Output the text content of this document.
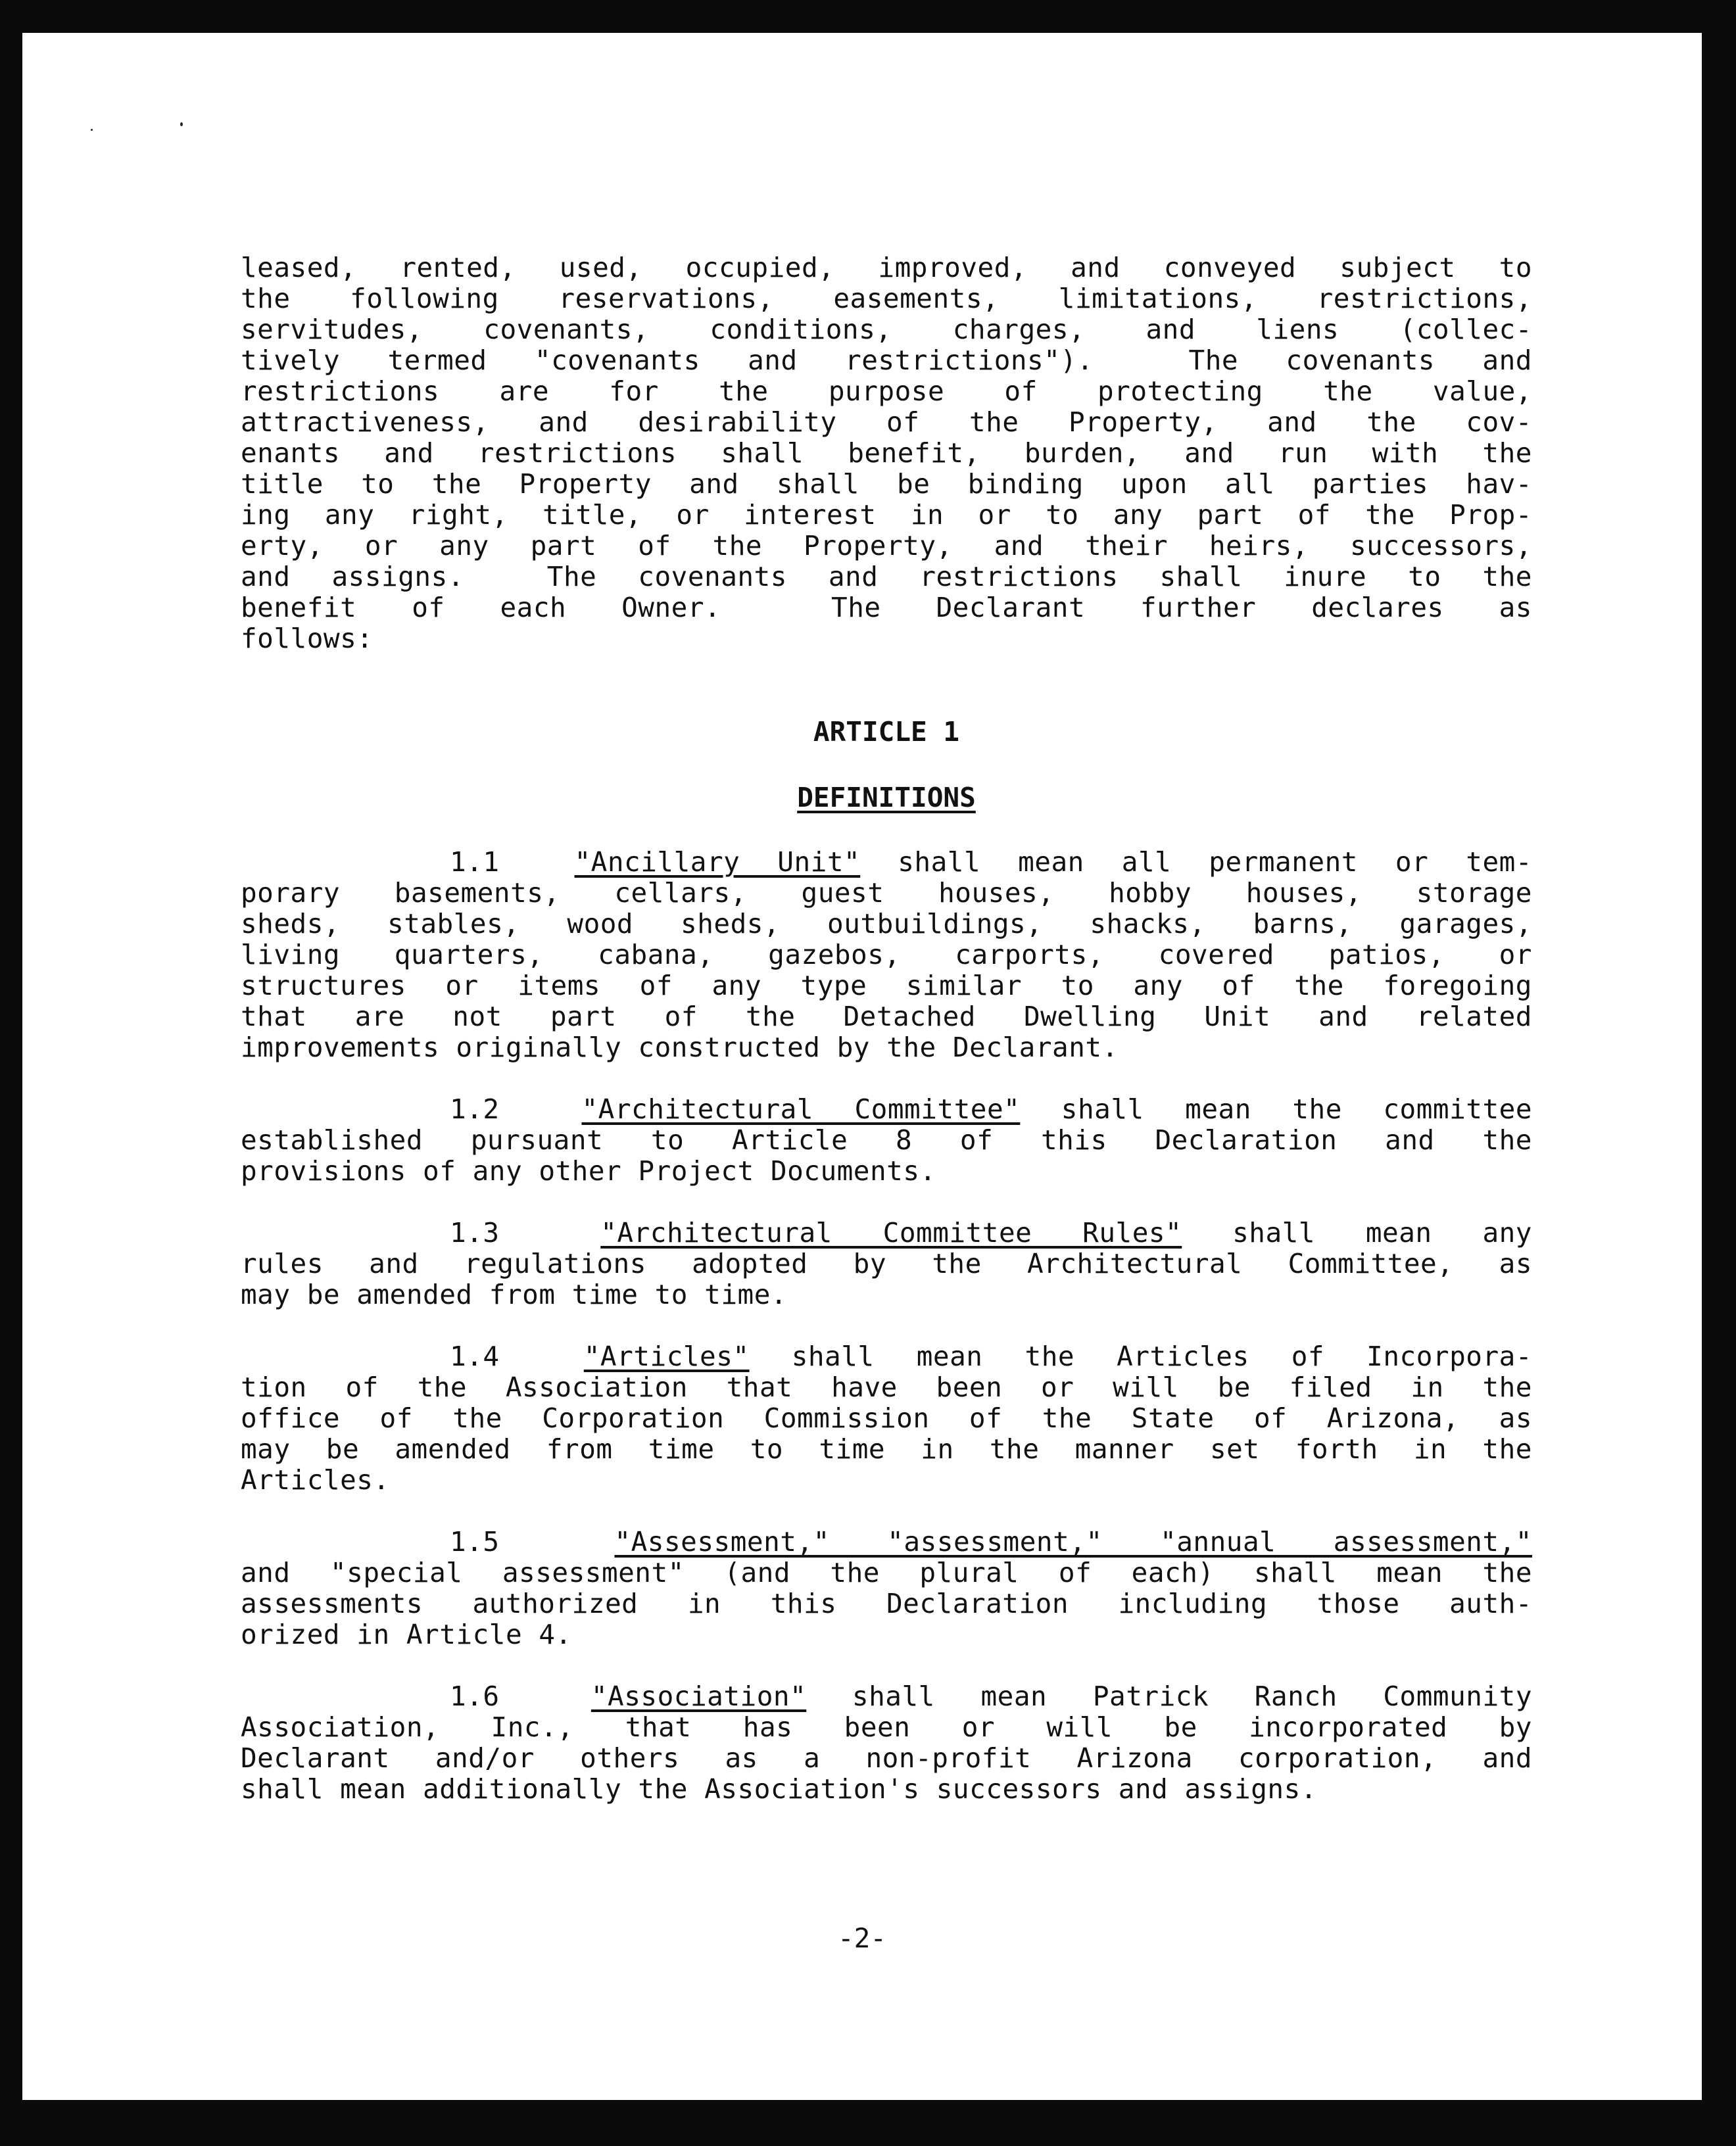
leased, rented, used, occupied, improved, and conveyed subject to
the following reservations, easements, limitations, restrictions,
servitudes, covenants, conditions, charges, and liens (collec-
tively termed "covenants and restrictions").  The covenants and
restrictions are for the purpose of protecting the value,
attractiveness, and desirability of the Property, and the cov-
enants and restrictions shall benefit, burden, and run with the
title to the Property and shall be binding upon all parties hav-
ing any right, title, or interest in or to any part of the Prop-
erty, or any part of the Property, and their heirs, successors,
and assigns.  The covenants and restrictions shall inure to the
benefit of each Owner.  The Declarant further declares as
follows:
ARTICLE 1
DEFINITIONS
1.1	"Ancillary Unit" shall mean all permanent or tem-
porary basements, cellars, guest houses, hobby houses, storage
sheds, stables, wood sheds, outbuildings, shacks, barns, garages,
living quarters, cabana, gazebos, carports, covered patios, or
structures or items of any type similar to any of the foregoing
that are not part of the Detached Dwelling Unit and related
improvements originally constructed by the Declarant.
1.2	"Architectural Committee" shall mean the committee
established pursuant to Article 8 of this Declaration and the
provisions of any other Project Documents.
1.3	"Architectural Committee Rules" shall mean any
rules and regulations adopted by the Architectural Committee, as
may be amended from time to time.
1.4	"Articles" shall mean the Articles of Incorpora-
tion of the Association that have been or will be filed in the
office of the Corporation Commission of the State of Arizona, as
may be amended from time to time in the manner set forth in the
Articles.
1.5	"Assessment," "assessment," "annual assessment,"
and "special assessment" (and the plural of each) shall mean the
assessments authorized in this Declaration including those auth-
orized in Article 4.
1.6	"Association" shall mean Patrick Ranch Community
Association, Inc., that has been or will be incorporated by
Declarant and/or others as a non-profit Arizona corporation, and
shall mean additionally the Association's successors and assigns.
-2-
